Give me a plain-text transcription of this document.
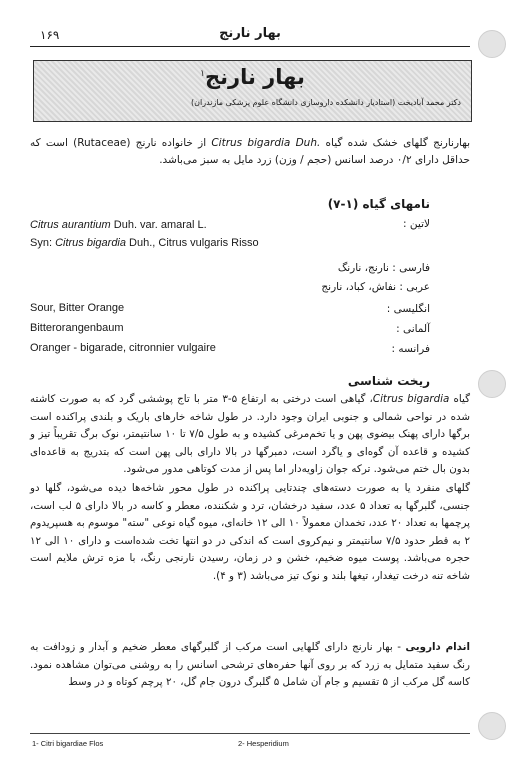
۱۶۹	بهار نارنج
بهار نارنج$^۱$
دکتر محمد آبادیخت (استادیار دانشکده داروسازی دانشگاه علوم پزشکی مازندران)
بهارنارنج گلهای خشک شده گیاه Citrus bigardia Duh. از خانواده نارنج (Rutaceae) است که حداقل دارای ۰/۲ درصد اسانس (حجم / وزن) زرد مایل به سبز می‌باشد.
نامهای گیاه (۱-۷)
لاتین :
Citrus aurantium Duh. var. amaral L.
Syn: Citrus bigardia Duh., Citrus vulgaris Risso
فارسی : نارنج، نارنگ
عربی : نفاش، کباد، نارنج
انگلیسی :
Sour, Bitter Orange
آلمانی :
Bitterorangenbaum
فرانسه :
Oranger - bigarade, citronnier vulgaire
ریخت شناسی
گیاه Citrus bigardia، گیاهی است درختی به ارتفاع ۵-۳ متر با تاج پوششی گرد که به صورت کاشته شده در نواحی شمالی و جنوبی ایران وجود دارد. در طول شاخه خارهای باریک و بلندی پراکنده است برگها دارای پهنک بیضوی پهن و یا تخم‌مرغی کشیده و به طول ۷/۵ تا ۱۰ سانتیمتر، نوک برگ تقریباً تیز و کشیده و قاعده آن گوه‌ای و یاگرد است، دمبرگها در بالا دارای بالی پهن است که بتدریج به قاعده‌ای بدون بال ختم می‌شود. ترکه جوان زاویه‌دار اما پس از مدت کوتاهی مدور می‌شود.
گلهای منفرد یا به صورت دسته‌های چندتایی پراکنده در طول محور شاخه‌ها دیده می‌شود، گلها دو جنسی، گلبرگها به تعداد ۵ عدد، سفید درخشان، ترد و شکننده، معطر و کاسه در بالا دارای ۵ لب است، پرچمها به تعداد ۲۰ عدد، تخمدان معمولاً ۱۰ الی ۱۲ خانه‌ای، میوه گیاه نوعی "سته" موسوم به هسپریدوم ۲ به قطر حدود ۷/۵ سانتیمتر و نیم‌کروی است که اندکی در دو انتها تخت شده‌است و دارای ۱۰ الی ۱۲ حجره می‌باشد. پوست میوه ضخیم، خشن و در زمان، رسیدن نارنجی رنگ، با مزه ترش ملایم است شاخه تنه درخت تیغدار، تیغها بلند و نوک تیز می‌باشد (۳ و ۴).
اندام دارویی - بهار نارنج دارای گلهایی است مرکب از گلبرگهای معطر ضخیم و آبدار و زودافت به رنگ سفید متمایل به زرد که بر روی آنها حفره‌های ترشحی اسانس را به روشنی می‌توان مشاهده نمود. کاسه گل مرکب از ۵ تقسیم و جام آن شامل ۵ گلبرگ درون جام گل، ۲۰ پرچم کوتاه و در وسط
1- Citri bigardiae Flos	2- Hesperidium
